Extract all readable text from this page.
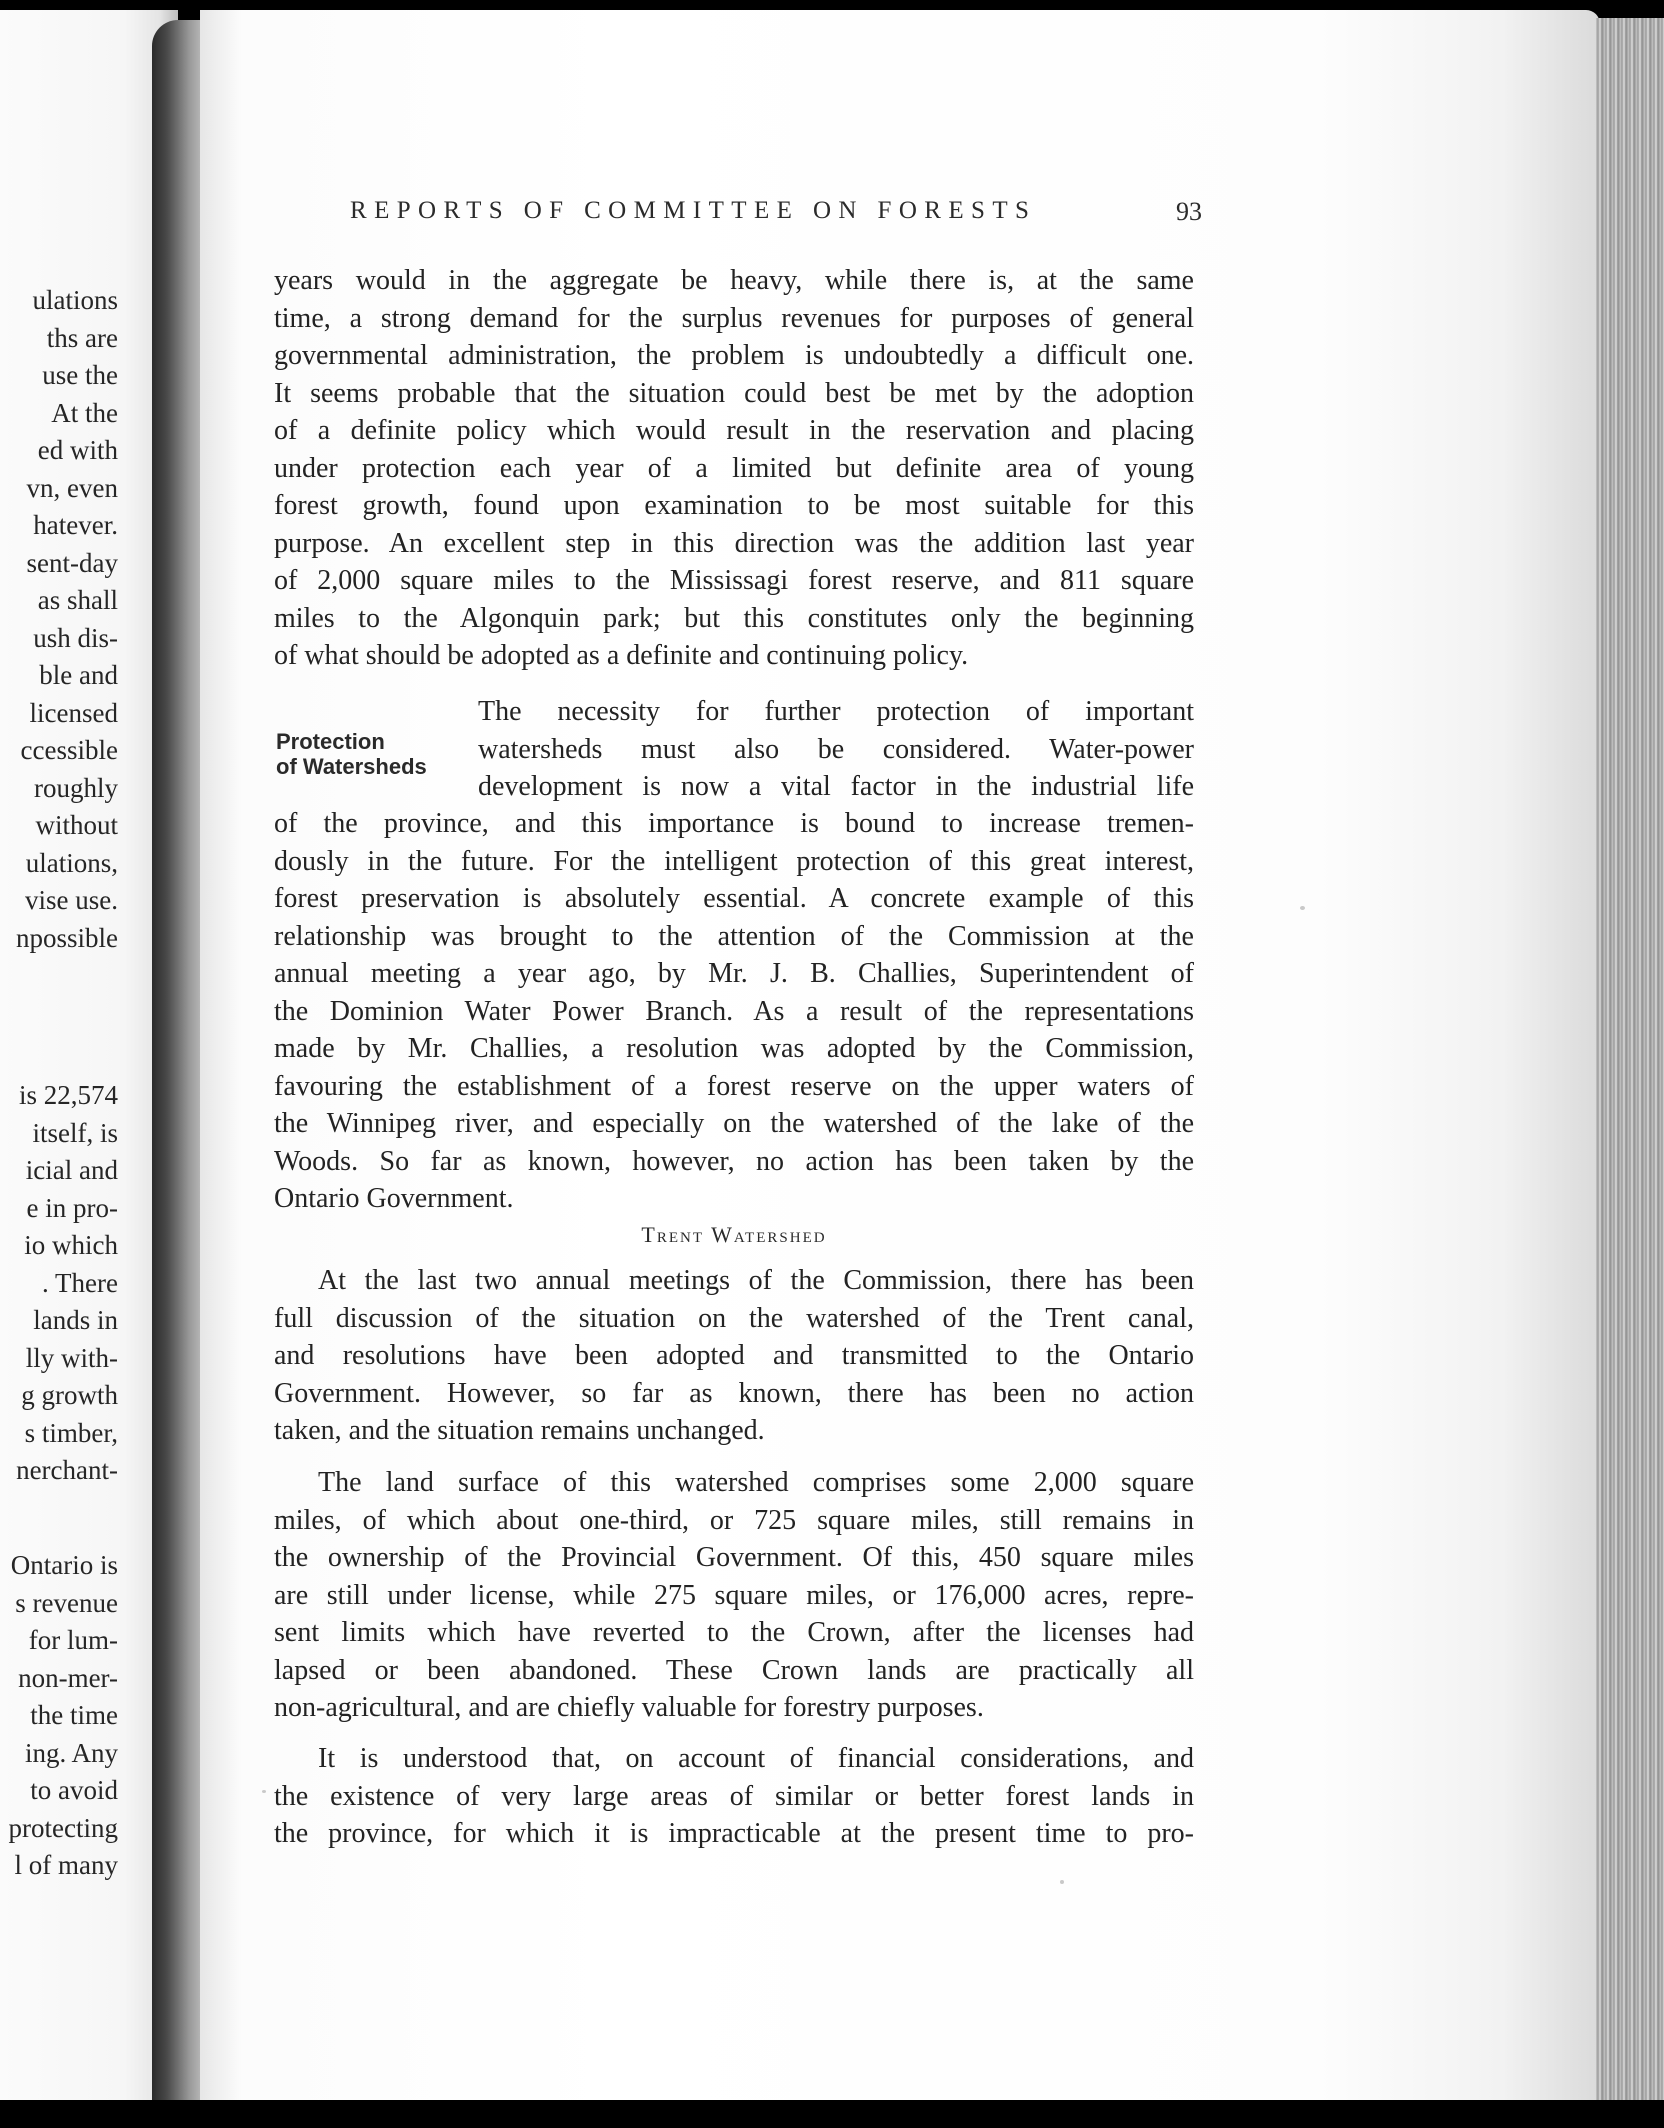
ulations
ths are
use the
At the
ed with
vn, even
hatever.
sent-day
as shall
ush dis-
ble and
licensed
ccessible
roughly
without
ulations,
vise use.
npossible
is 22,574
itself, is
icial and
e in pro-
io which
. There
lands in
lly with-
g growth
s timber,
nerchant-
Ontario is
s revenue
for lum-
non-mer-
the time
ing. Any
to avoid
protecting
l of many
REPORTS OF COMMITTEE ON FORESTS	93
years would in the aggregate be heavy, while there is, at the same
time, a strong demand for the surplus revenues for purposes of general
governmental administration, the problem is undoubtedly a difficult one.
It seems probable that the situation could best be met by the adoption
of a definite policy which would result in the reservation and placing
under protection each year of a limited but definite area of young
forest growth, found upon examination to be most suitable for this
purpose. An excellent step in this direction was the addition last year
of 2,000 square miles to the Mississagi forest reserve, and 811 square
miles to the Algonquin park; but this constitutes only the beginning
of what should be adopted as a definite and continuing policy.
Protection
of Watersheds
The necessity for further protection of important
watersheds must also be considered. Water-power
development is now a vital factor in the industrial life
of the province, and this importance is bound to increase tremen-
dously in the future. For the intelligent protection of this great interest,
forest preservation is absolutely essential. A concrete example of this
relationship was brought to the attention of the Commission at the
annual meeting a year ago, by Mr. J. B. Challies, Superintendent of
the Dominion Water Power Branch. As a result of the representations
made by Mr. Challies, a resolution was adopted by the Commission,
favouring the establishment of a forest reserve on the upper waters of
the Winnipeg river, and especially on the watershed of the lake of the
Woods. So far as known, however, no action has been taken by the
Ontario Government.
Trent Watershed
At the last two annual meetings of the Commission, there has been
full discussion of the situation on the watershed of the Trent canal,
and resolutions have been adopted and transmitted to the Ontario
Government. However, so far as known, there has been no action
taken, and the situation remains unchanged.
The land surface of this watershed comprises some 2,000 square
miles, of which about one-third, or 725 square miles, still remains in
the ownership of the Provincial Government. Of this, 450 square miles
are still under license, while 275 square miles, or 176,000 acres, repre-
sent limits which have reverted to the Crown, after the licenses had
lapsed or been abandoned. These Crown lands are practically all
non-agricultural, and are chiefly valuable for forestry purposes.
It is understood that, on account of financial considerations, and
the existence of very large areas of similar or better forest lands in
the province, for which it is impracticable at the present time to pro-
